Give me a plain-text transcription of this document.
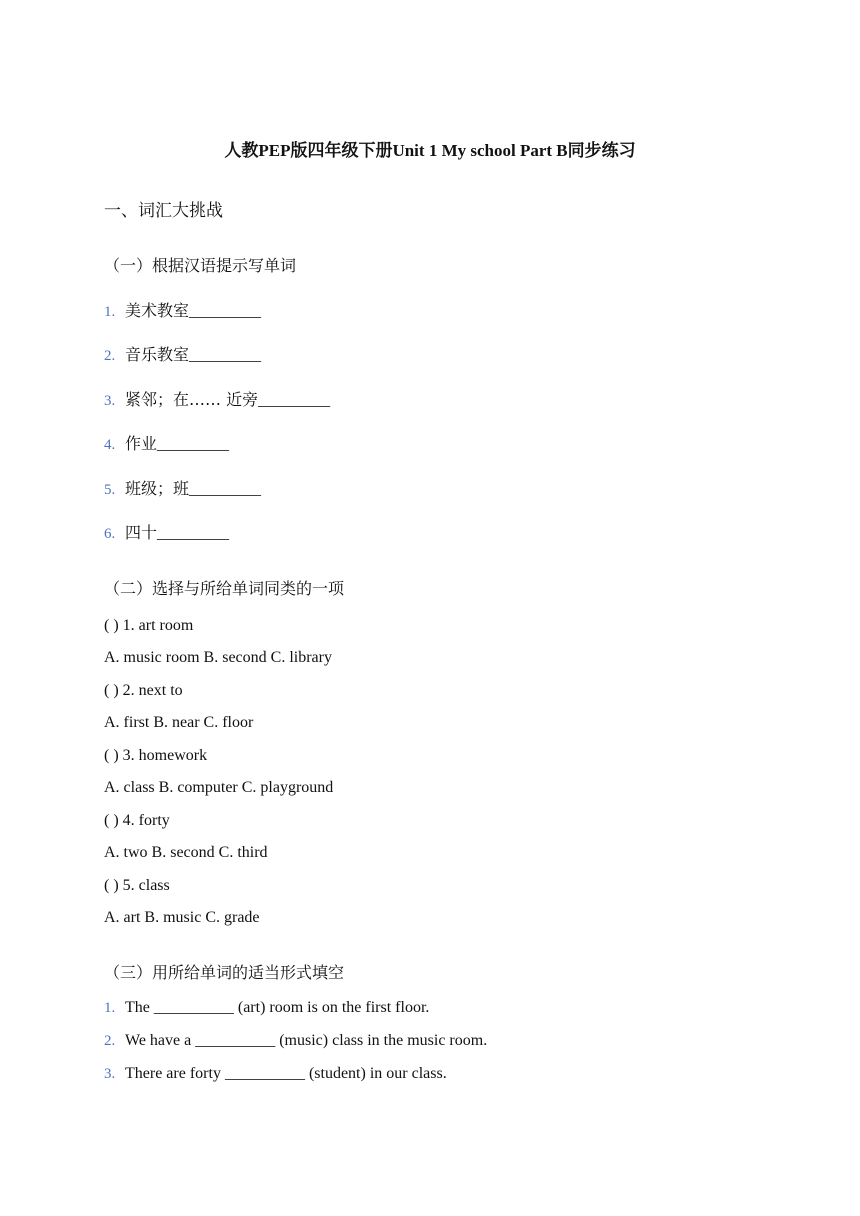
人教PEP版四年级下册Unit 1 My school Part B同步练习
一、词汇大挑战
（一）根据汉语提示写单词
1. 美术教室_________
2. 音乐教室_________
3. 紧邻；在…… 近旁_________
4. 作业_________
5. 班级；班_________
6. 四十_________
（二）选择与所给单词同类的一项
( ) 1. art room
A. music room B. second C. library
( ) 2. next to
A. first B. near C. floor
( ) 3. homework
A. class B. computer C. playground
( ) 4. forty
A. two B. second C. third
( ) 5. class
A. art B. music C. grade
（三）用所给单词的适当形式填空
1. The __________ (art) room is on the first floor.
2. We have a __________ (music) class in the music room.
3. There are forty __________ (student) in our class.
